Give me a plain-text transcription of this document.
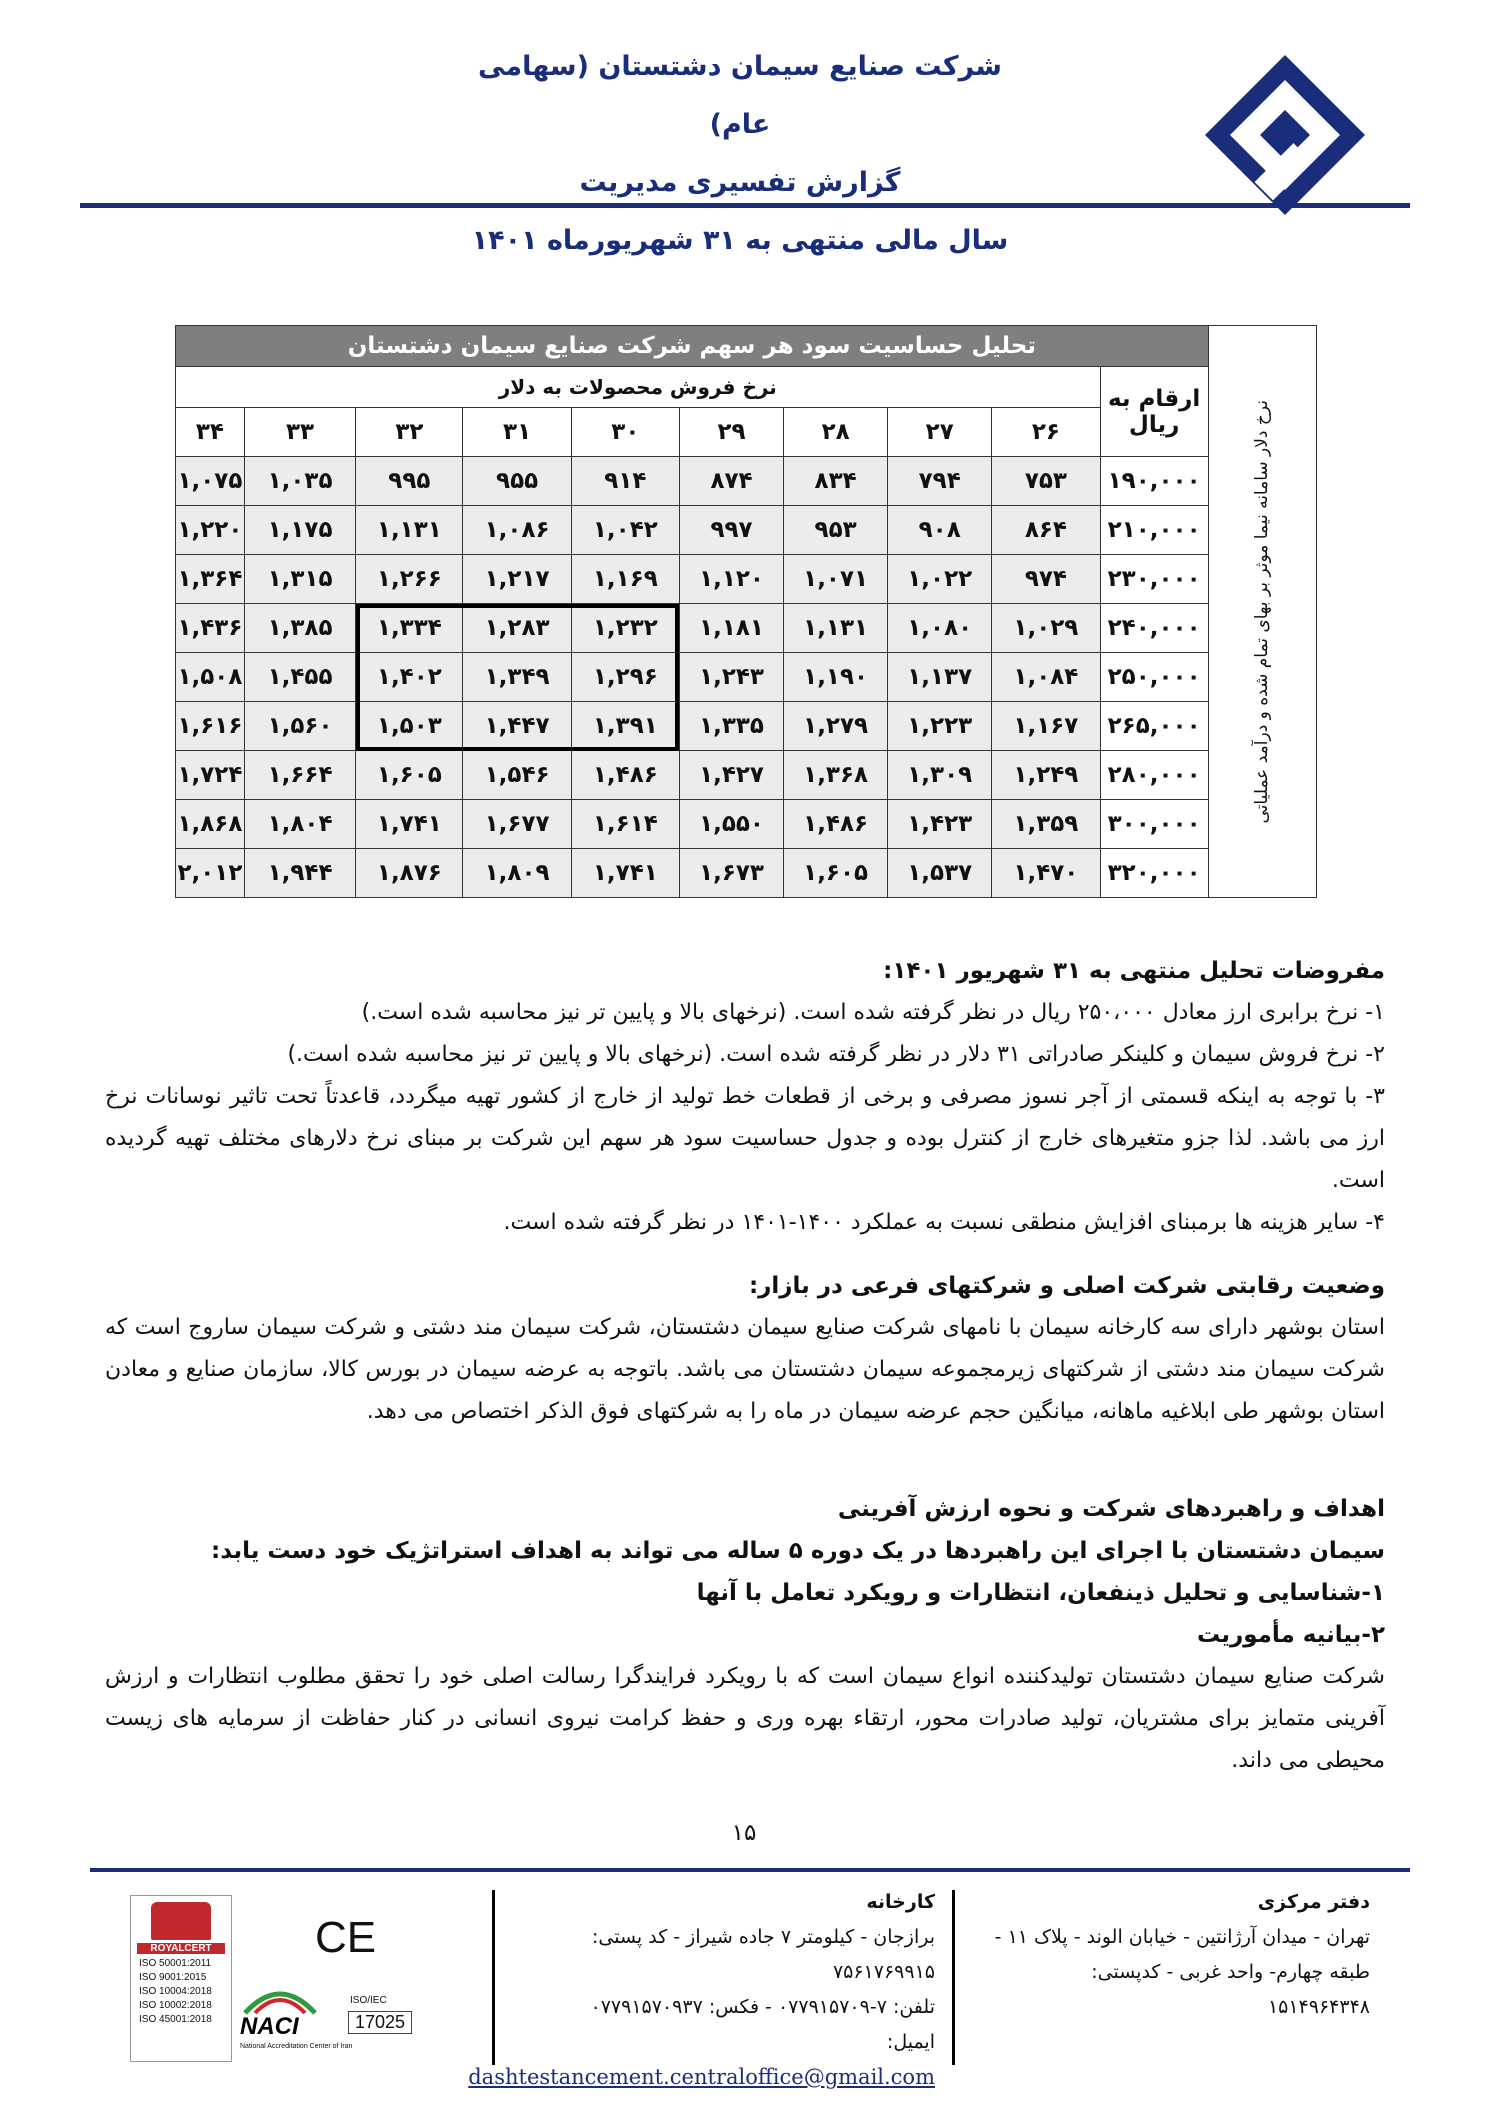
شرکت صنایع سیمان دشتستان (سهامی عام)
گزارش تفسیری مدیریت
سال مالی منتهی به ۳۱ شهریورماه ۱۴۰۱
نرخ دلار سامانه نیما موثر بر بهای تمام شده و درآمد عملیاتی	تحلیل حساسیت سود هر سهم شرکت صنایع سیمان دشتستان									
	ارقام به ریال	نرخ فروش محصولات به دلار								
		۲۶	۲۷	۲۸	۲۹	۳۰	۳۱	۳۲	۳۳	۳۴
	۱۹۰,۰۰۰	۷۵۳	۷۹۴	۸۳۴	۸۷۴	۹۱۴	۹۵۵	۹۹۵	۱,۰۳۵	۱,۰۷۵
	۲۱۰,۰۰۰	۸۶۴	۹۰۸	۹۵۳	۹۹۷	۱,۰۴۲	۱,۰۸۶	۱,۱۳۱	۱,۱۷۵	۱,۲۲۰
	۲۳۰,۰۰۰	۹۷۴	۱,۰۲۲	۱,۰۷۱	۱,۱۲۰	۱,۱۶۹	۱,۲۱۷	۱,۲۶۶	۱,۳۱۵	۱,۳۶۴
	۲۴۰,۰۰۰	۱,۰۲۹	۱,۰۸۰	۱,۱۳۱	۱,۱۸۱	۱,۲۳۲	۱,۲۸۳	۱,۳۳۴	۱,۳۸۵	۱,۴۳۶
	۲۵۰,۰۰۰	۱,۰۸۴	۱,۱۳۷	۱,۱۹۰	۱,۲۴۳	۱,۲۹۶	۱,۳۴۹	۱,۴۰۲	۱,۴۵۵	۱,۵۰۸
	۲۶۵,۰۰۰	۱,۱۶۷	۱,۲۲۳	۱,۲۷۹	۱,۳۳۵	۱,۳۹۱	۱,۴۴۷	۱,۵۰۳	۱,۵۶۰	۱,۶۱۶
	۲۸۰,۰۰۰	۱,۲۴۹	۱,۳۰۹	۱,۳۶۸	۱,۴۲۷	۱,۴۸۶	۱,۵۴۶	۱,۶۰۵	۱,۶۶۴	۱,۷۲۴
	۳۰۰,۰۰۰	۱,۳۵۹	۱,۴۲۳	۱,۴۸۶	۱,۵۵۰	۱,۶۱۴	۱,۶۷۷	۱,۷۴۱	۱,۸۰۴	۱,۸۶۸
	۳۲۰,۰۰۰	۱,۴۷۰	۱,۵۳۷	۱,۶۰۵	۱,۶۷۳	۱,۷۴۱	۱,۸۰۹	۱,۸۷۶	۱,۹۴۴	۲,۰۱۲

مفروضات تحلیل منتهی به ۳۱ شهریور ۱۴۰۱:

۱- نرخ برابری ارز معادل ۲۵۰،۰۰۰ ریال در نظر گرفته شده است. (نرخهای بالا و پایین تر نیز محاسبه شده است.)

۲- نرخ فروش سیمان و کلینکر صادراتی ۳۱ دلار در نظر گرفته شده است. (نرخهای بالا و پایین تر نیز محاسبه شده است.)

۳- با توجه به اینکه قسمتی از آجر نسوز مصرفی و برخی از قطعات خط تولید از خارج از کشور تهیه میگردد، قاعدتاً تحت تاثیر نوسانات نرخ ارز می باشد. لذا جزو متغیرهای خارج از کنترل بوده و جدول حساسیت سود هر سهم این شرکت بر مبنای نرخ دلارهای مختلف تهیه گردیده است.

۴- سایر هزینه ها برمبنای افزایش منطقی نسبت به عملکرد ۱۴۰۰-۱۴۰۱ در نظر گرفته شده است.

وضعیت رقابتی شرکت اصلی و شرکتهای فرعی در بازار:

استان بوشهر دارای سه کارخانه سیمان با نامهای شرکت صنایع سیمان دشتستان، شرکت سیمان مند دشتی و شرکت سیمان ساروج است که شرکت سیمان مند دشتی از شرکتهای زیرمجموعه سیمان دشتستان می باشد. باتوجه به عرضه سیمان در بورس کالا، سازمان صنایع و معادن استان بوشهر طی ابلاغیه ماهانه، میانگین حجم عرضه سیمان در ماه را به شرکتهای فوق الذکر اختصاص می دهد.

اهداف و راهبردهای شرکت و نحوه ارزش آفرینی

سیمان دشتستان با اجرای این راهبردها در یک دوره ۵ ساله می تواند به اهداف استراتژیک خود دست یابد:

۱-شناسایی و تحلیل ذینفعان، انتظارات و رویکرد تعامل با آنها

۲-بیانیه مأموریت

شرکت صنایع سیمان دشتستان تولیدکننده انواع سیمان است که با رویکرد فرایندگرا رسالت اصلی خود را تحقق مطلوب انتظارات و ارزش آفرینی متمایز برای مشتریان، تولید صادرات محور، ارتقاء بهره وری و حفظ کرامت نیروی انسانی در کنار حفاظت از سرمایه های زیست محیطی می داند.

۱۵
دفتر مرکزی
تهران - میدان آرژانتین - خیابان الوند - پلاک ۱۱ -
طبقه چهارم- واحد غربی - کدپستی: ۱۵۱۴۹۶۴۳۴۸
کارخانه
برازجان - کیلومتر ۷ جاده شیراز - کد پستی: ۷۵۶۱۷۶۹۹۱۵
تلفن: ۷-۰۷۷۹۱۵۷۰۹ - فکس: ۰۷۷۹۱۵۷۰۹۳۷
ایمیل: dashtestancement.centraloffice@gmail.com
ROYALCERT
ISO 50001:2011
ISO 9001:2015
ISO 10004:2018
ISO 10002:2018
ISO 45001:2018
CE
NACI
National Accreditation Center of Iran
ISO/IEC
17025
